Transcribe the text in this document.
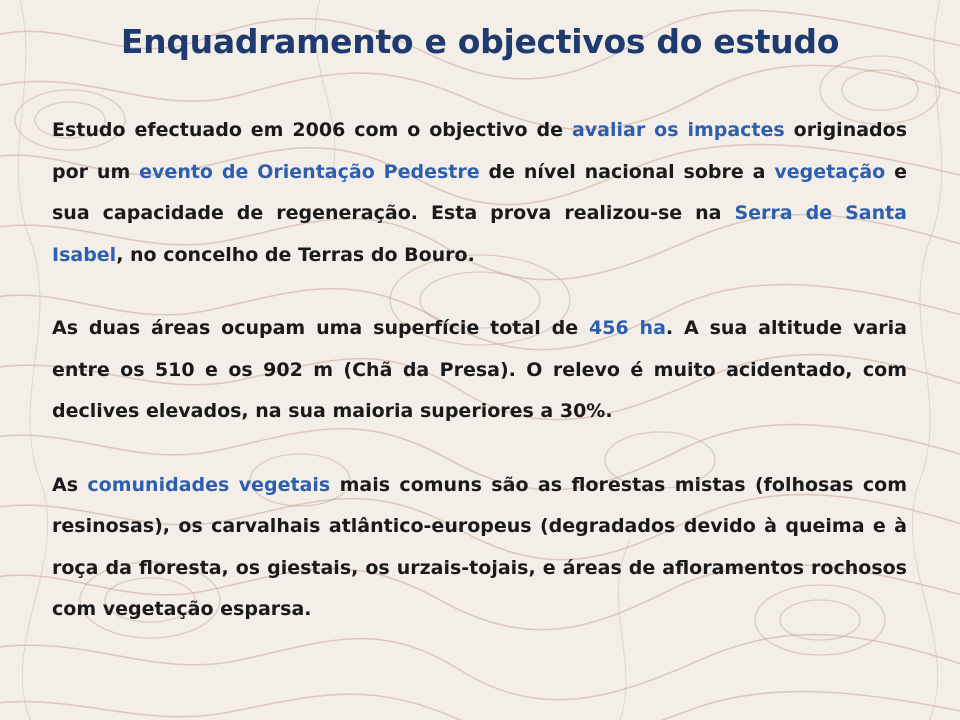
Enquadramento e objectivos do estudo

Estudo efectuado em 2006 com o objectivo de avaliar os impactes originados por um evento de Orientação Pedestre de nível nacional sobre a vegetação e sua capacidade de regeneração. Esta prova realizou-se na Serra de Santa Isabel, no concelho de Terras do Bouro.

As duas áreas ocupam uma superfície total de 456 ha. A sua altitude varia entre os 510 e os 902 m (Chã da Presa). O relevo é muito acidentado, com declives elevados, na sua maioria superiores a 30%.

As comunidades vegetais mais comuns são as florestas mistas (folhosas com resinosas), os carvalhais atlântico-europeus (degradados devido à queima e à roça da floresta, os giestais, os urzais-tojais, e áreas de afloramentos rochosos com vegetação esparsa.
